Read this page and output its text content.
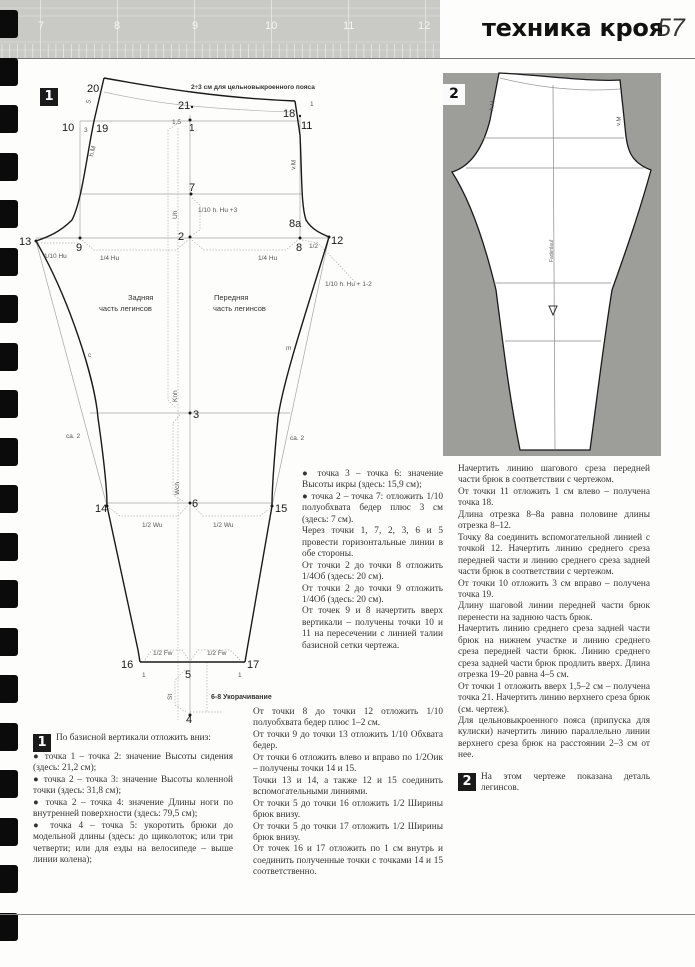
7	8	9	10	11	12 техника кроя
57
2
h.M
v.M
Fadenlauf
20
21
18
11
10 19	1
7
2
8a
8
12
13	9
3
6
14	15
16	17
5
4
2÷3 см для цельновыкроенного пояса
Задняя
часть легинсов
Передняя
часть легинсов
5
3
1,5
1
1/2
h.M
v.M
Uh
Knh
Wch
St
1/10 h. Hu +3
1/10 Hu	1/4 Hu	1/4 Hu
1/10 h. Hu + 1-2
ca. 2	ca. 2
1/2 Wu	1/2 Wu
1/2 Fw	1/2 Fw
1	1
c
m
6-8 Укорачивание
1

1	По базисной вертикали отложить вниз:

● точка 1 – точка 2: значение Высоты сидения (здесь: 21,2 см);

● точка 2 – точка 3: значение Высоты коленной точки (здесь: 31,8 см);

● точка 2 – точка 4: значение Длины ноги по внутренней поверхности (здесь: 79,5 см);

● точка 4 – точка 5: укоротить брюки до модельной длины (здесь: до щиколоток; или три четверти; или для езды на велосипеде – выше линии колена);

● точка 3 – точка 6: значение Высоты икры (здесь: 15,9 см);

● точка 2 – точка 7: отложить 1/10 полуобхвата бедер плюс 3 см (здесь: 7 см).

Через точки 1, 7, 2, 3, 6 и 5 провести горизонтальные линии в обе стороны.

От точки 2 до точки 8 отложить 1/4Об (здесь: 20 см).

От точки 2 до точки 9 отложить 1/4Об (здесь: 20 см).

От точек 9 и 8 начертить вверх вертикали – получены точки 10 и 11 на пересечении с линией талии базисной сетки чертежа.

От точки 8 до точки 12 отложить 1/10 полуобхвата бедер плюс 1–2 см.

От точки 9 до точки 13 отложить 1/10 Обхвата бедер.

От точки 6 отложить влево и вправо по 1/2Оик – получены точки 14 и 15.

Точки 13 и 14, а также 12 и 15 соединить вспомогательными линиями.

От точки 5 до точки 16 отложить 1/2 Ширины брюк внизу.

От точки 5 до точки 17 отложить 1/2 Ширины брюк внизу.

От точек 16 и 17 отложить по 1 см внутрь и соединить полученные точки с точками 14 и 15 соответственно.

Начертить линию шагового среза передней части брюк в соответствии с чертежом.

От точки 11 отложить 1 см влево – получена точка 18.

Длина отрезка 8–8а равна половине длины отрезка 8–12.

Точку 8а соединить вспомогательной линией с точкой 12. Начертить линию среднего среза передней части и линию среднего среза задней части брюк в соответствии с чертежом.

От точки 10 отложить 3 см вправо – получена точка 19.

Длину шаговой линии передней части брюк перенести на заднюю часть брюк.

Начертить линию среднего среза задней части брюк на нижнем участке и линию среднего среза передней части брюк. Линию среднего среза задней части брюк продлить вверх. Длина отрезка 19–20 равна 4–5 см.

От точки 1 отложить вверх 1,5–2 см – получена точка 21. Начертить линию верхнего среза брюк (см. чертеж).

Для цельновыкроенного пояса (припуска для кулиски) начертить линию параллельно линии верхнего среза брюк на расстоянии 2–3 см от нее.

2	На этом чертеже показана деталь легинсов.
